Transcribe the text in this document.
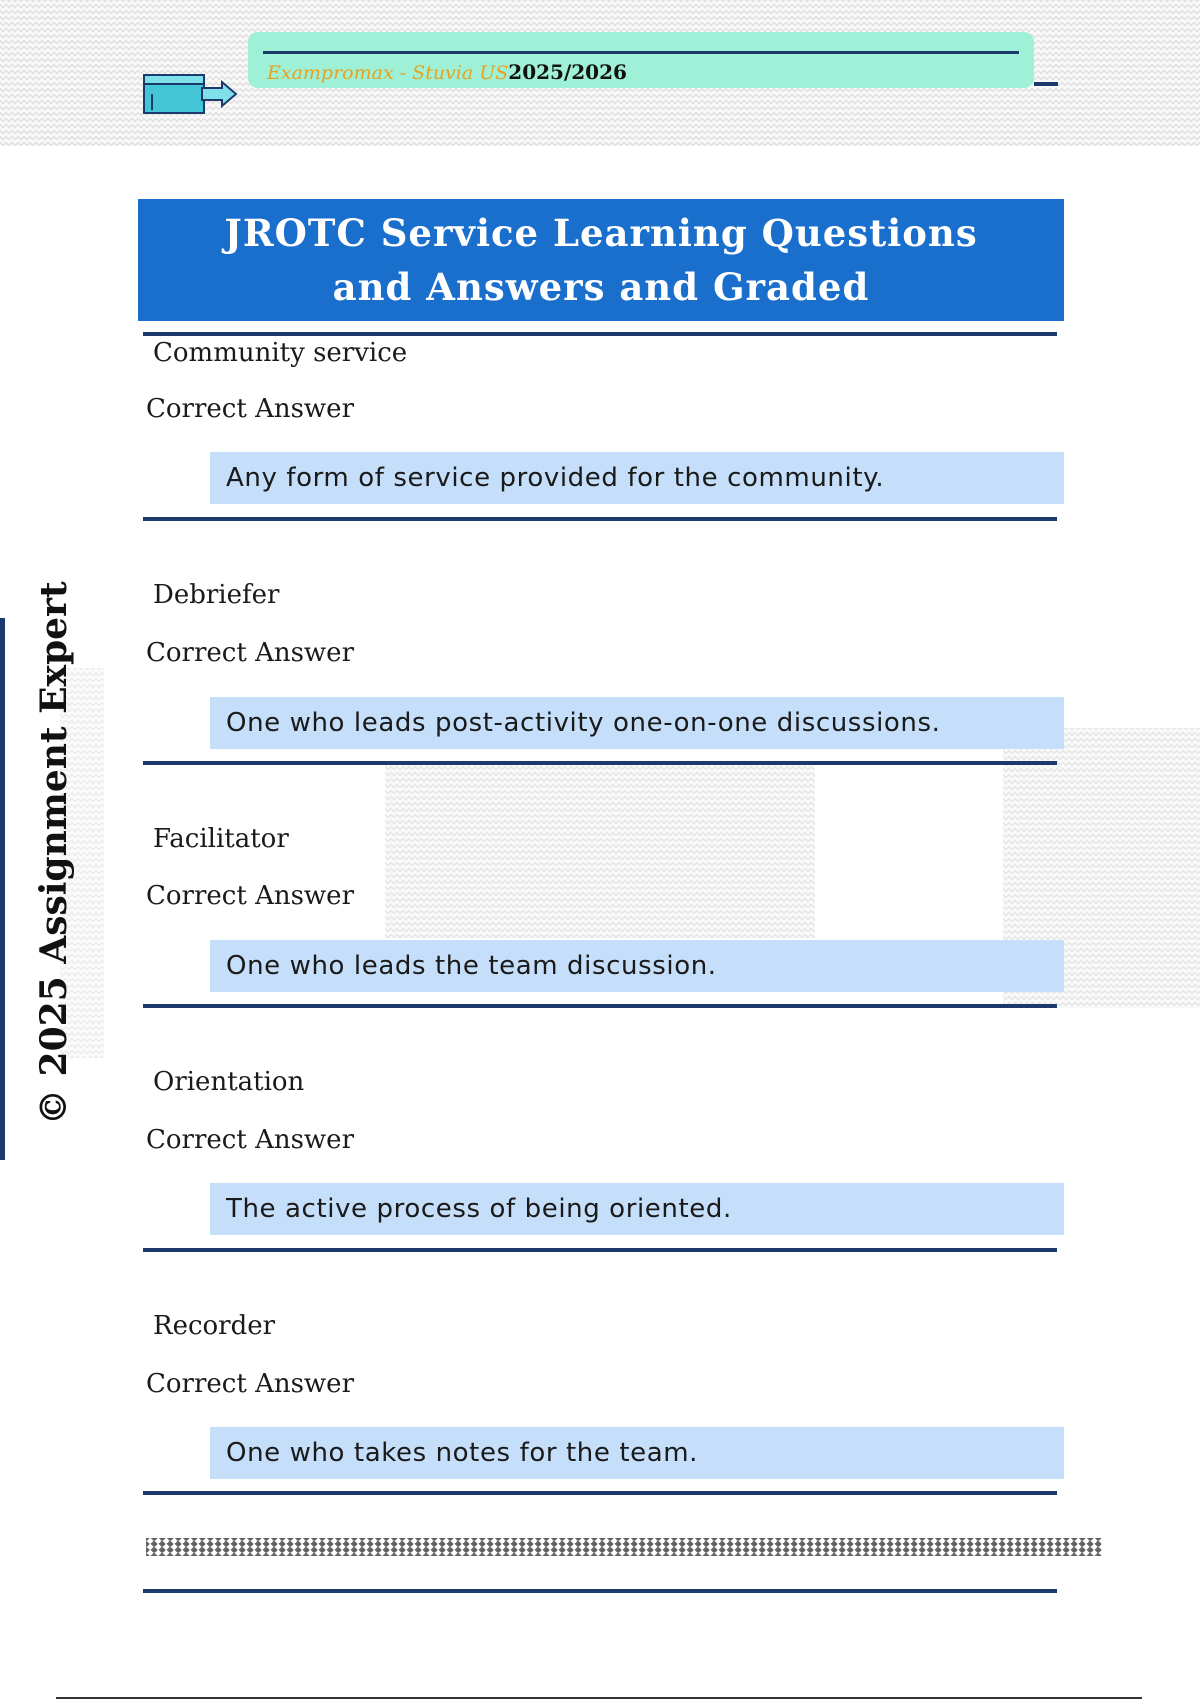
Exampromax - Stuvia US2025/2026
JROTC Service Learning Questions and Answers and Graded
Community service
Correct Answer
Any form of service provided for the community.
Debriefer
Correct Answer
One who leads post-activity one-on-one discussions.
Facilitator
Correct Answer
One who leads the team discussion.
Orientation
Correct Answer
The active process of being oriented.
Recorder
Correct Answer
One who takes notes for the team.
© 2025 Assignment Expert
